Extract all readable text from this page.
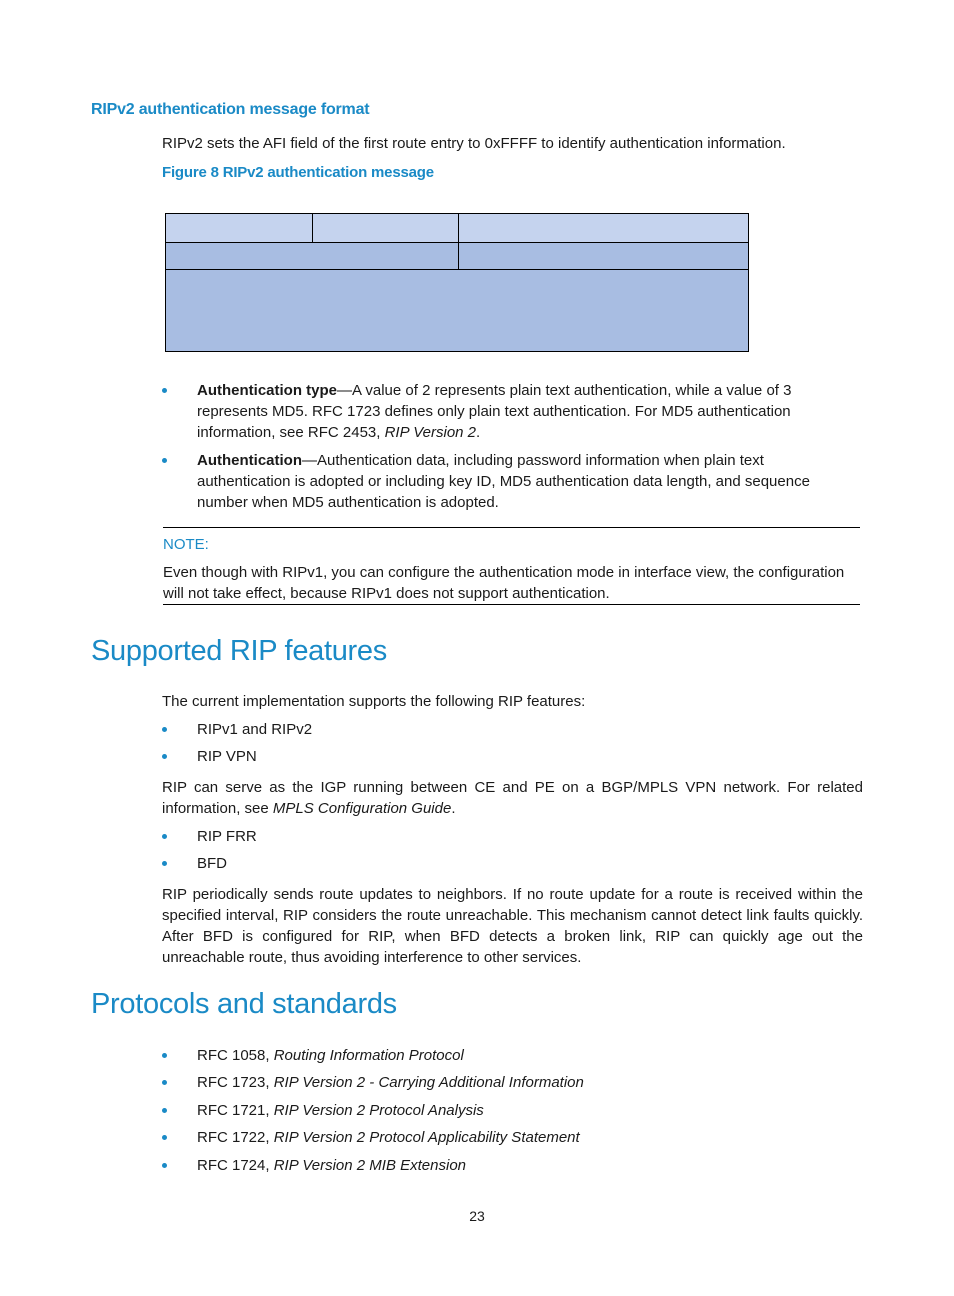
RIPv2 authentication message format
RIPv2 sets the AFI field of the first route entry to 0xFFFF to identify authentication information.
Figure 8 RIPv2 authentication message
Authentication type—A value of 2 represents plain text authentication, while a value of 3 represents MD5. RFC 1723 defines only plain text authentication. For MD5 authentication information, see RFC 2453, RIP Version 2.
Authentication—Authentication data, including password information when plain text authentication is adopted or including key ID, MD5 authentication data length, and sequence number when MD5 authentication is adopted.
NOTE:
Even though with RIPv1, you can configure the authentication mode in interface view, the configuration will not take effect, because RIPv1 does not support authentication.
Supported RIP features
The current implementation supports the following RIP features:
RIPv1 and RIPv2
RIP VPN
RIP can serve as the IGP running between CE and PE on a BGP/MPLS VPN network. For related information, see MPLS Configuration Guide.
RIP FRR
BFD
RIP periodically sends route updates to neighbors. If no route update for a route is received within the specified interval, RIP considers the route unreachable. This mechanism cannot detect link faults quickly. After BFD is configured for RIP, when BFD detects a broken link, RIP can quickly age out the unreachable route, thus avoiding interference to other services.
Protocols and standards
RFC 1058, Routing Information Protocol
RFC 1723, RIP Version 2 - Carrying Additional Information
RFC 1721, RIP Version 2 Protocol Analysis
RFC 1722, RIP Version 2 Protocol Applicability Statement
RFC 1724, RIP Version 2 MIB Extension
23
